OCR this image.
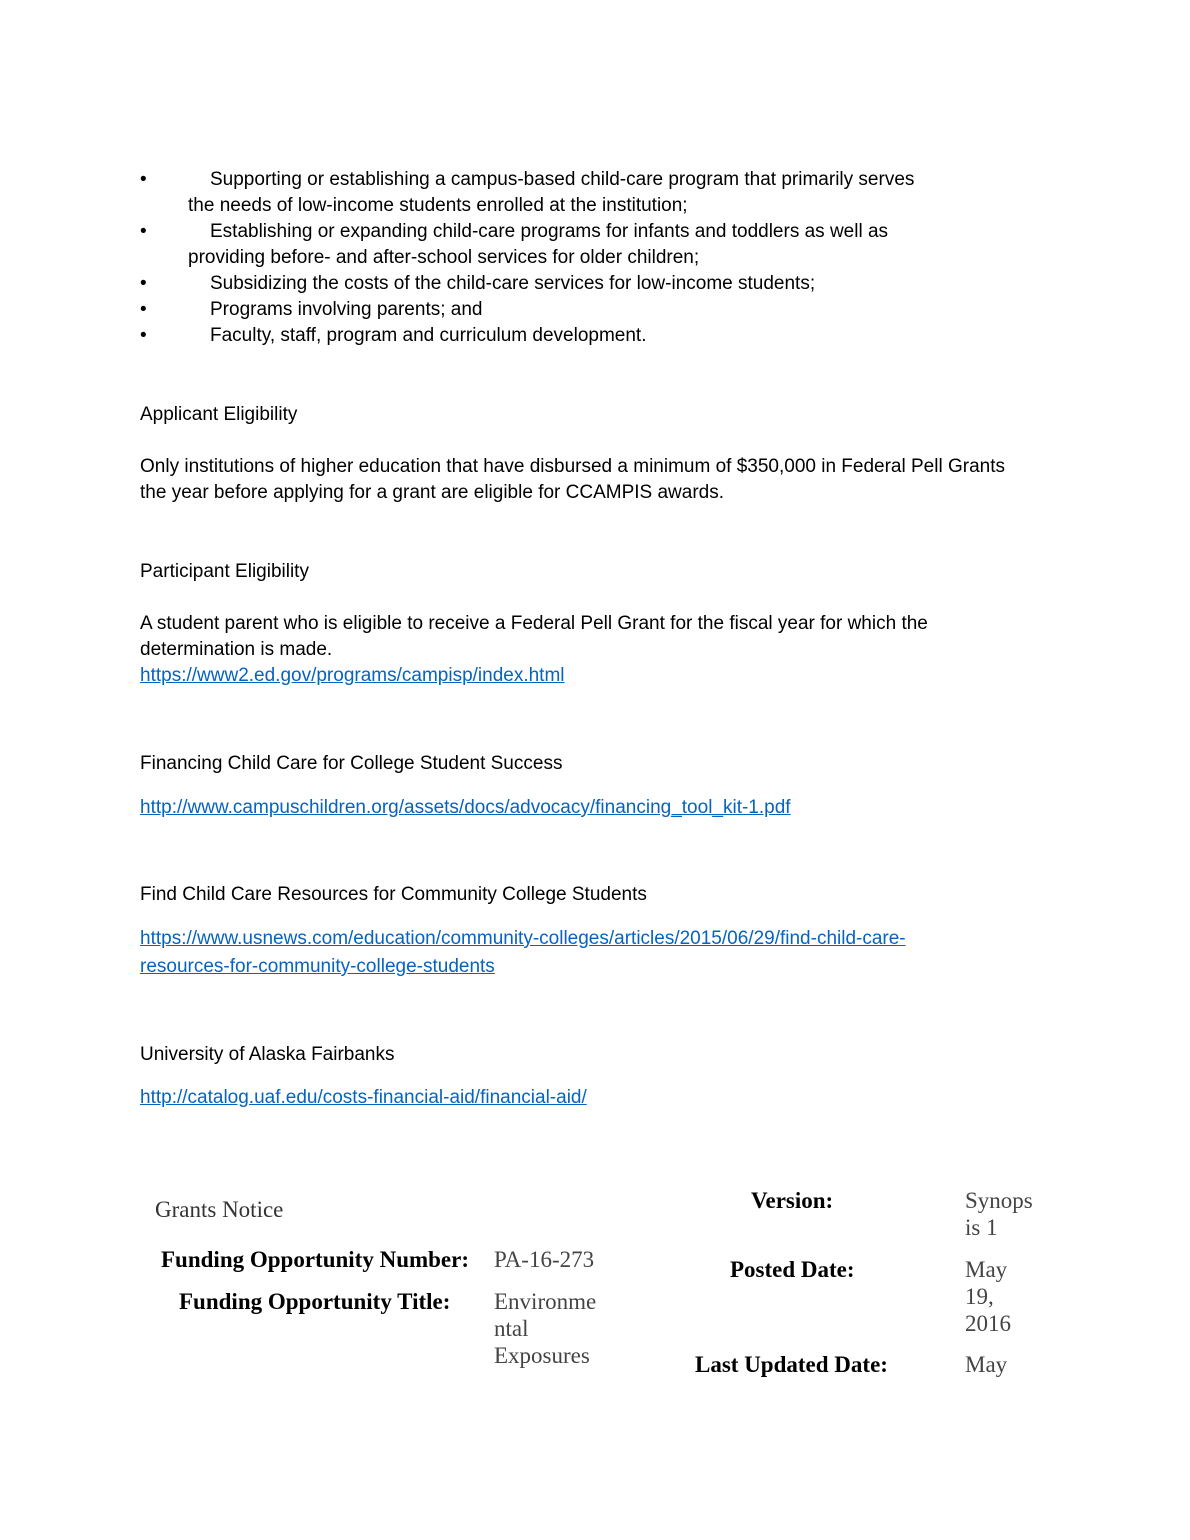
•	Supporting or establishing a campus-based child-care program that primarily serves
the needs of low-income students enrolled at the institution;
•	Establishing or expanding child-care programs for infants and toddlers as well as
providing before- and after-school services for older children;
•	Subsidizing the costs of the child-care services for low-income students;
•	Programs involving parents; and
•	Faculty, staff, program and curriculum development.
Applicant Eligibility
Only institutions of higher education that have disbursed a minimum of $350,000 in Federal Pell Grants
the year before applying for a grant are eligible for CCAMPIS awards.
Participant Eligibility
A student parent who is eligible to receive a Federal Pell Grant for the fiscal year for which the
determination is made.
https://www2.ed.gov/programs/campisp/index.html
Financing Child Care for College Student Success
http://www.campuschildren.org/assets/docs/advocacy/financing_tool_kit-1.pdf
Find Child Care Resources for Community College Students
https://www.usnews.com/education/community-colleges/articles/2015/06/29/find-child-care-
resources-for-community-college-students
University of Alaska Fairbanks
http://catalog.uaf.edu/costs-financial-aid/financial-aid/
Grants Notice
Funding Opportunity Number: PA-16-273
Funding Opportunity Title: Environme
ntal
Exposures
Version:	Synops
is 1
Posted Date:	May
19,
2016
Last Updated Date:	May
